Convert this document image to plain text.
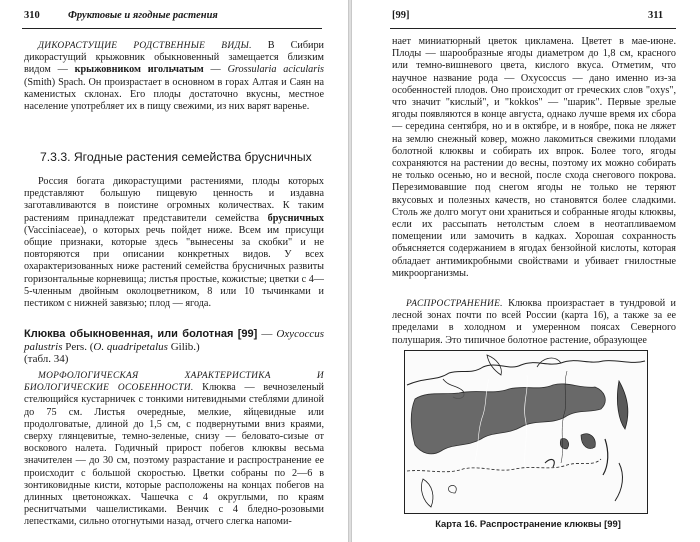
310	Фруктовые и ягодные растения

ДИКОРАСТУЩИЕ РОДСТВЕННЫЕ ВИДЫ. В Сибири дикорастущий крыжовник обыкновенный замещается близким видом — крыжовником игольчатым — Grossularia acicularis (Smith) Spach. Он произрастает в основном в горах Алтая и Саян на каменистых склонах. Его плоды достаточно вкусны, местное население употребляет их в пищу свежими, из них варят варенье.

7.3.3. Ягодные растения семейства брусничных

Россия богата дикорастущими растениями, плоды которых представляют большую пищевую ценность и издавна заготавливаются в поистине огромных количествах. К таким растениям принадлежат представители семейства брусничных (Vacciniaceae), о которых речь пойдет ниже. Всем им присущи общие признаки, которые здесь "вынесены за скобки" и не повторяются при описании конкретных видов. У всех охарактеризованных ниже растений семейства брусничных развиты горизонтальные корневища; листья простые, кожистые; цветки с 4—5-членным двойным околоцветником, 8 или 10 тычинками и пестиком с нижней завязью; плод — ягода.

Клюква обыкновенная, или болотная [99] — Oxycoccus palustris Pers. (O. quadripetalus Gilib.)

(табл. 34)

МОРФОЛОГИЧЕСКАЯ ХАРАКТЕРИСТИКА И БИОЛОГИЧЕСКИЕ ОСОБЕННОСТИ. Клюква — вечнозеленый стелющийся кустарничек с тонкими нитевидными стеблями длиной до 75 см. Листья очередные, мелкие, яйцевидные или продолговатые, длиной до 1,5 см, с подвернутыми вниз краями, сверху глянцевитые, темно-зеленые, снизу — беловато-сизые от воскового налета. Годичный прирост побегов клюквы весьма значителен — до 30 см, поэтому разрастание и распространение ее происходит с большой скоростью. Цветки собраны по 2—6 в зонтиковидные кисти, которые расположены на концах побегов на длинных цветоножках. Чашечка с 4 округлыми, по краям реснитчатыми чашелистиками. Венчик с 4 бледно-розовыми лепестками, сильно отогнутыми назад, отчего слегка напоми-

[99]	311

нает миниатюрный цветок цикламена. Цветет в мае-июне. Плоды — шарообразные ягоды диаметром до 1,8 см, красного или темно-вишневого цвета, кислого вкуса. Отметим, что научное название рода — Oxycoccus — дано именно из-за особенностей плодов. Оно происходит от греческих слов "oxys", что значит "кислый", и "kokkos" — "шарик". Первые зрелые ягоды появляются в конце августа, однако лучше время их сбора — середина сентября, но и в октябре, и в ноябре, пока не ляжет на землю снежный ковер, можно лакомиться свежими плодами болотной клюквы и собирать их впрок. Более того, ягоды сохраняются на растении до весны, поэтому их можно собирать не только осенью, но и весной, после схода снегового покрова. Перезимовавшие под снегом ягоды не только не теряют вкусовых и полезных качеств, но становятся более сладкими. Столь же долго могут они храниться и собранные ягоды клюквы, если их рассыпать нетолстым слоем в неотапливаемом помещении или замочить в кадках. Хорошая сохранность объясняется содержанием в ягодах бензойной кислоты, которая обладает антимикробными свойствами и убивает гнилостные микроорганизмы.

РАСПРОСТРАНЕНИЕ. Клюква произрастает в тундровой и лесной зонах почти по всей России (карта 16), а также за ее пределами в холодном и умеренном поясах Северного полушария. Это типичное болотное растение, образующее

Карта 16. Распространение клюквы [99]
